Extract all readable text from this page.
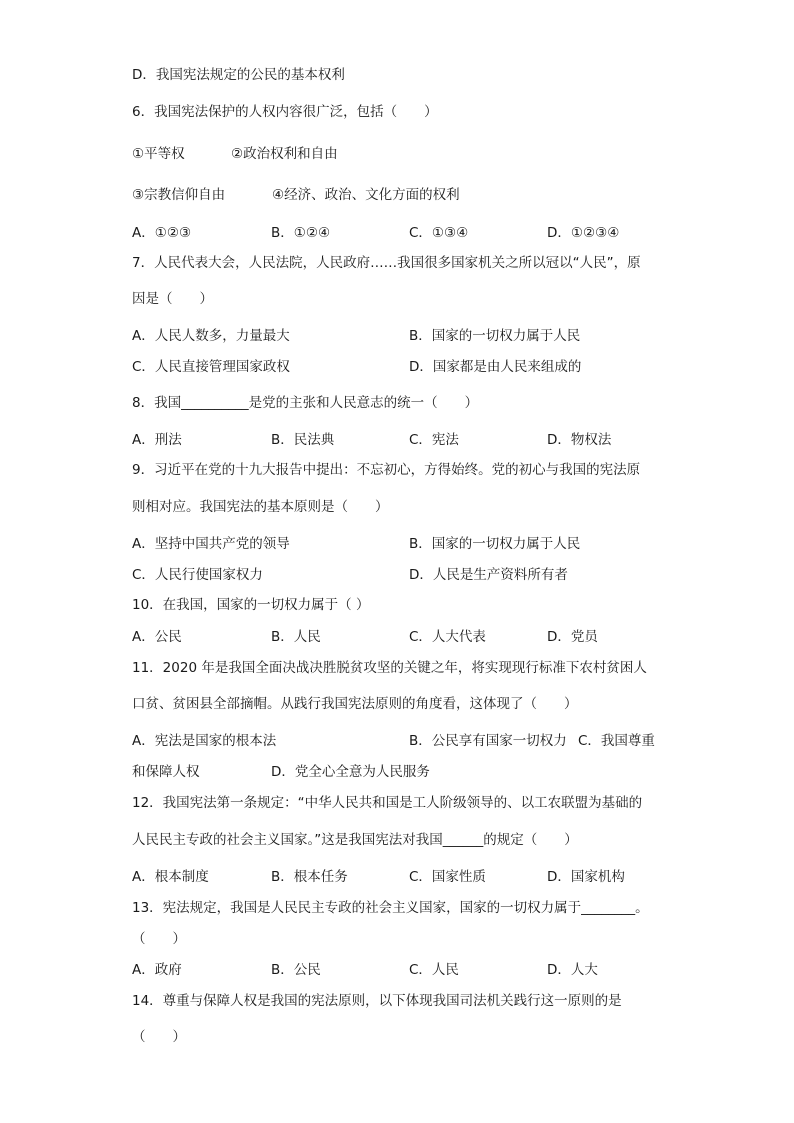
D．我国宪法规定的公民的基本权利
6．我国宪法保护的人权内容很广泛，包括（　　）
①平等权	②政治权利和自由
③宗教信仰自由	④经济、政治、文化方面的权利
A．①②③	B．①②④	C．①③④	D．①②③④
7．人民代表大会，人民法院，人民政府……我国很多国家机关之所以冠以“人民”，原
因是（　　）
A．人民人数多，力量最大	B．国家的一切权力属于人民
C．人民直接管理国家政权	D．国家都是由人民来组成的
8．我国__________是党的主张和人民意志的统一（　　）
A．刑法	B．民法典	C．宪法	D．物权法
9．习近平在党的十九大报告中提出：不忘初心，方得始终。党的初心与我国的宪法原
则相对应。我国宪法的基本原则是（　　）
A．坚持中国共产党的领导	B．国家的一切权力属于人民
C．人民行使国家权力	D．人民是生产资料所有者
10．在我国，国家的一切权力属于（ ）
A．公民	B．人民	C．人大代表	D．党员
11．2020 年是我国全面决战决胜脱贫攻坚的关键之年，将实现现行标准下农村贫困人
口贫、贫困县全部摘帽。从践行我国宪法原则的角度看，这体现了（　　）
A．宪法是国家的根本法	B．公民享有国家一切权力 C．我国尊重
和保障人权	D．党全心全意为人民服务
12．我国宪法第一条规定：“中华人民共和国是工人阶级领导的、以工农联盟为基础的
人民民主专政的社会主义国家。”这是我国宪法对我国______的规定（　　）
A．根本制度	B．根本任务	C．国家性质	D．国家机构
13．宪法规定，我国是人民民主专政的社会主义国家，国家的一切权力属于________。
（　　）
A．政府	B．公民	C．人民	D．人大
14．尊重与保障人权是我国的宪法原则，以下体现我国司法机关践行这一原则的是
（　　）
